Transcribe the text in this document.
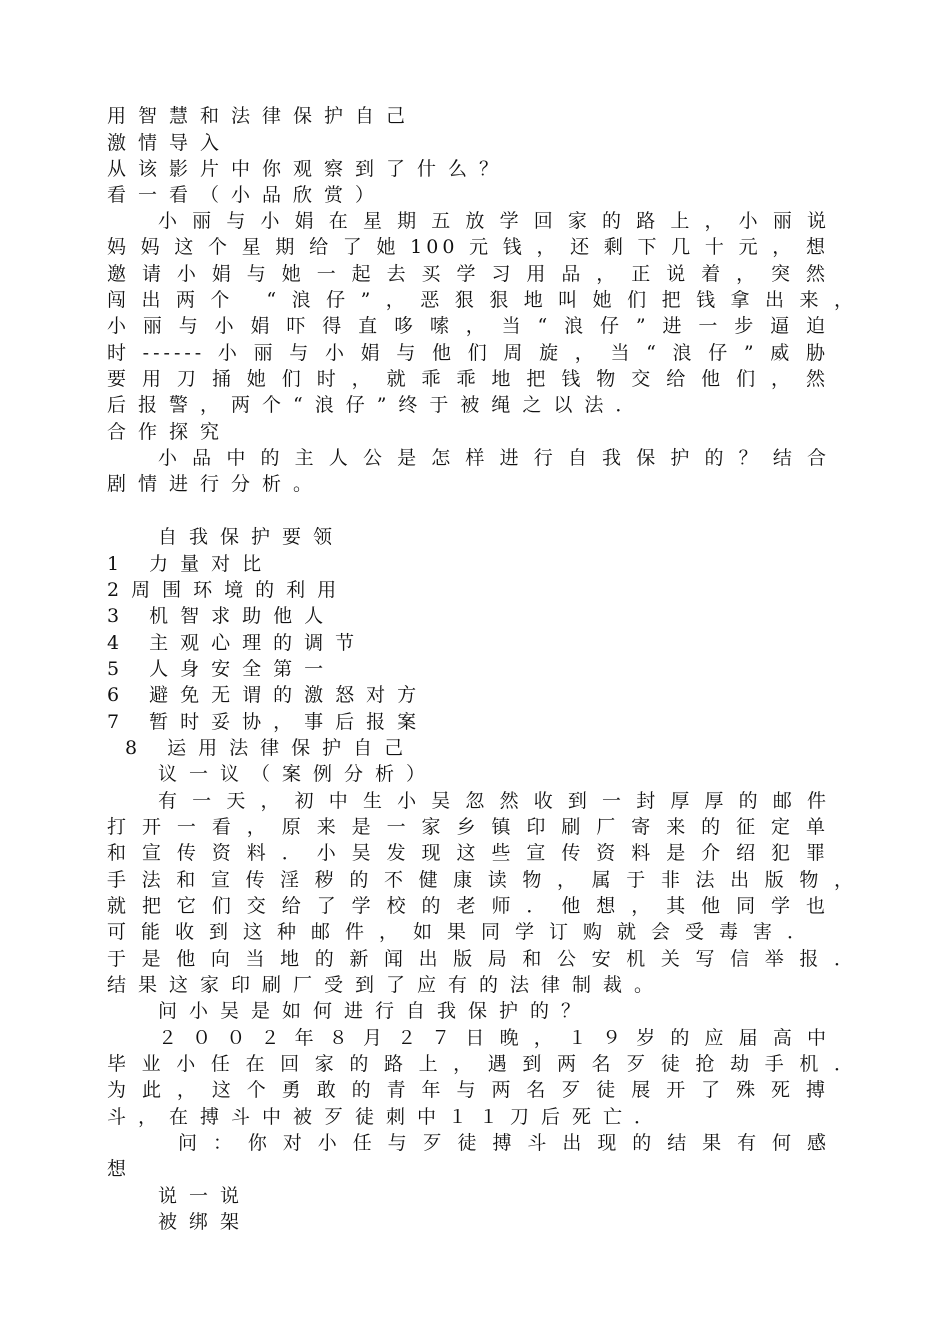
用智慧和法律保护自己
激情导入
从该影片中你观察到了什么？
看一看（小品欣赏）
小丽与小娟在星期五放学回家的路上，小丽说
妈妈这个星期给了她100元钱，还剩下几十元，想
邀请小娟与她一起去买学习用品，正说着，突然
闯出两个 “浪仔”，恶狠狠地叫她们把钱拿出来，
小丽与小娟吓得直哆嗦，当“浪仔”进一步逼迫
时------小丽与小娟与他们周旋，当“浪仔”威胁
要用刀捅她们时，就乖乖地把钱物交给他们，然
后报警，两个“浪仔”终于被绳之以法．
合作探究
小品中的主人公是怎样进行自我保护的？结合
剧情进行分析。
自我保护要领
1 力量对比
2周围环境的利用
3 机智求助他人
4 主观心理的调节
5 人身安全第一
6 避免无谓的激怒对方
7 暂时妥协，事后报案
8 运用法律保护自己
议一议（案例分析）
有一天，初中生小吴忽然收到一封厚厚的邮件
打开一看，原来是一家乡镇印刷厂寄来的征定单
和宣传资料．小吴发现这些宣传资料是介绍犯罪
手法和宣传淫秽的不健康读物，属于非法出版物，
就把它们交给了学校的老师．他想，其他同学也
可能收到这种邮件，如果同学订购就会受毒害．
于是他向当地的新闻出版局和公安机关写信举报．
结果这家印刷厂受到了应有的法律制裁。
问小吴是如何进行自我保护的？
２００２年８月２７日晚，１９岁的应届高中
毕业小任在回家的路上，遇到两名歹徒抢劫手机．
为此，这个勇敢的青年与两名歹徒展开了殊死搏
斗，在搏斗中被歹徒刺中１１刀后死亡．
问：你对小任与歹徒搏斗出现的结果有何感
想
说一说
被绑架
